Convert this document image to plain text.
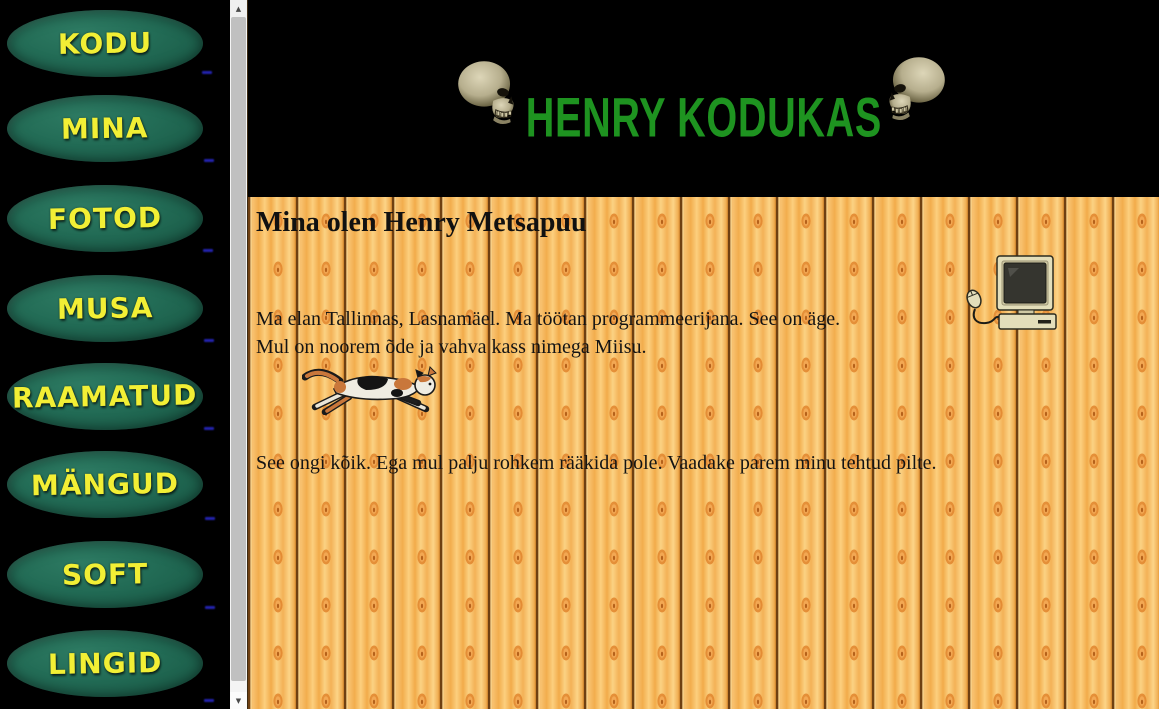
KODU
MINA
FOTOD
MUSA
RAAMATUD
MÄNGUD
SOFT
LINGID
▲
▼
HENRY KODUKAS
Mina olen Henry Metsapuu

Ma elan Tallinnas, Lasnamäel. Ma töötan programmeerijana. See on äge.
Mul on noorem õde ja vahva kass nimega Miisu.

See ongi kõik. Ega mul palju rohkem rääkida pole. Vaadake parem minu tehtud pilte.
